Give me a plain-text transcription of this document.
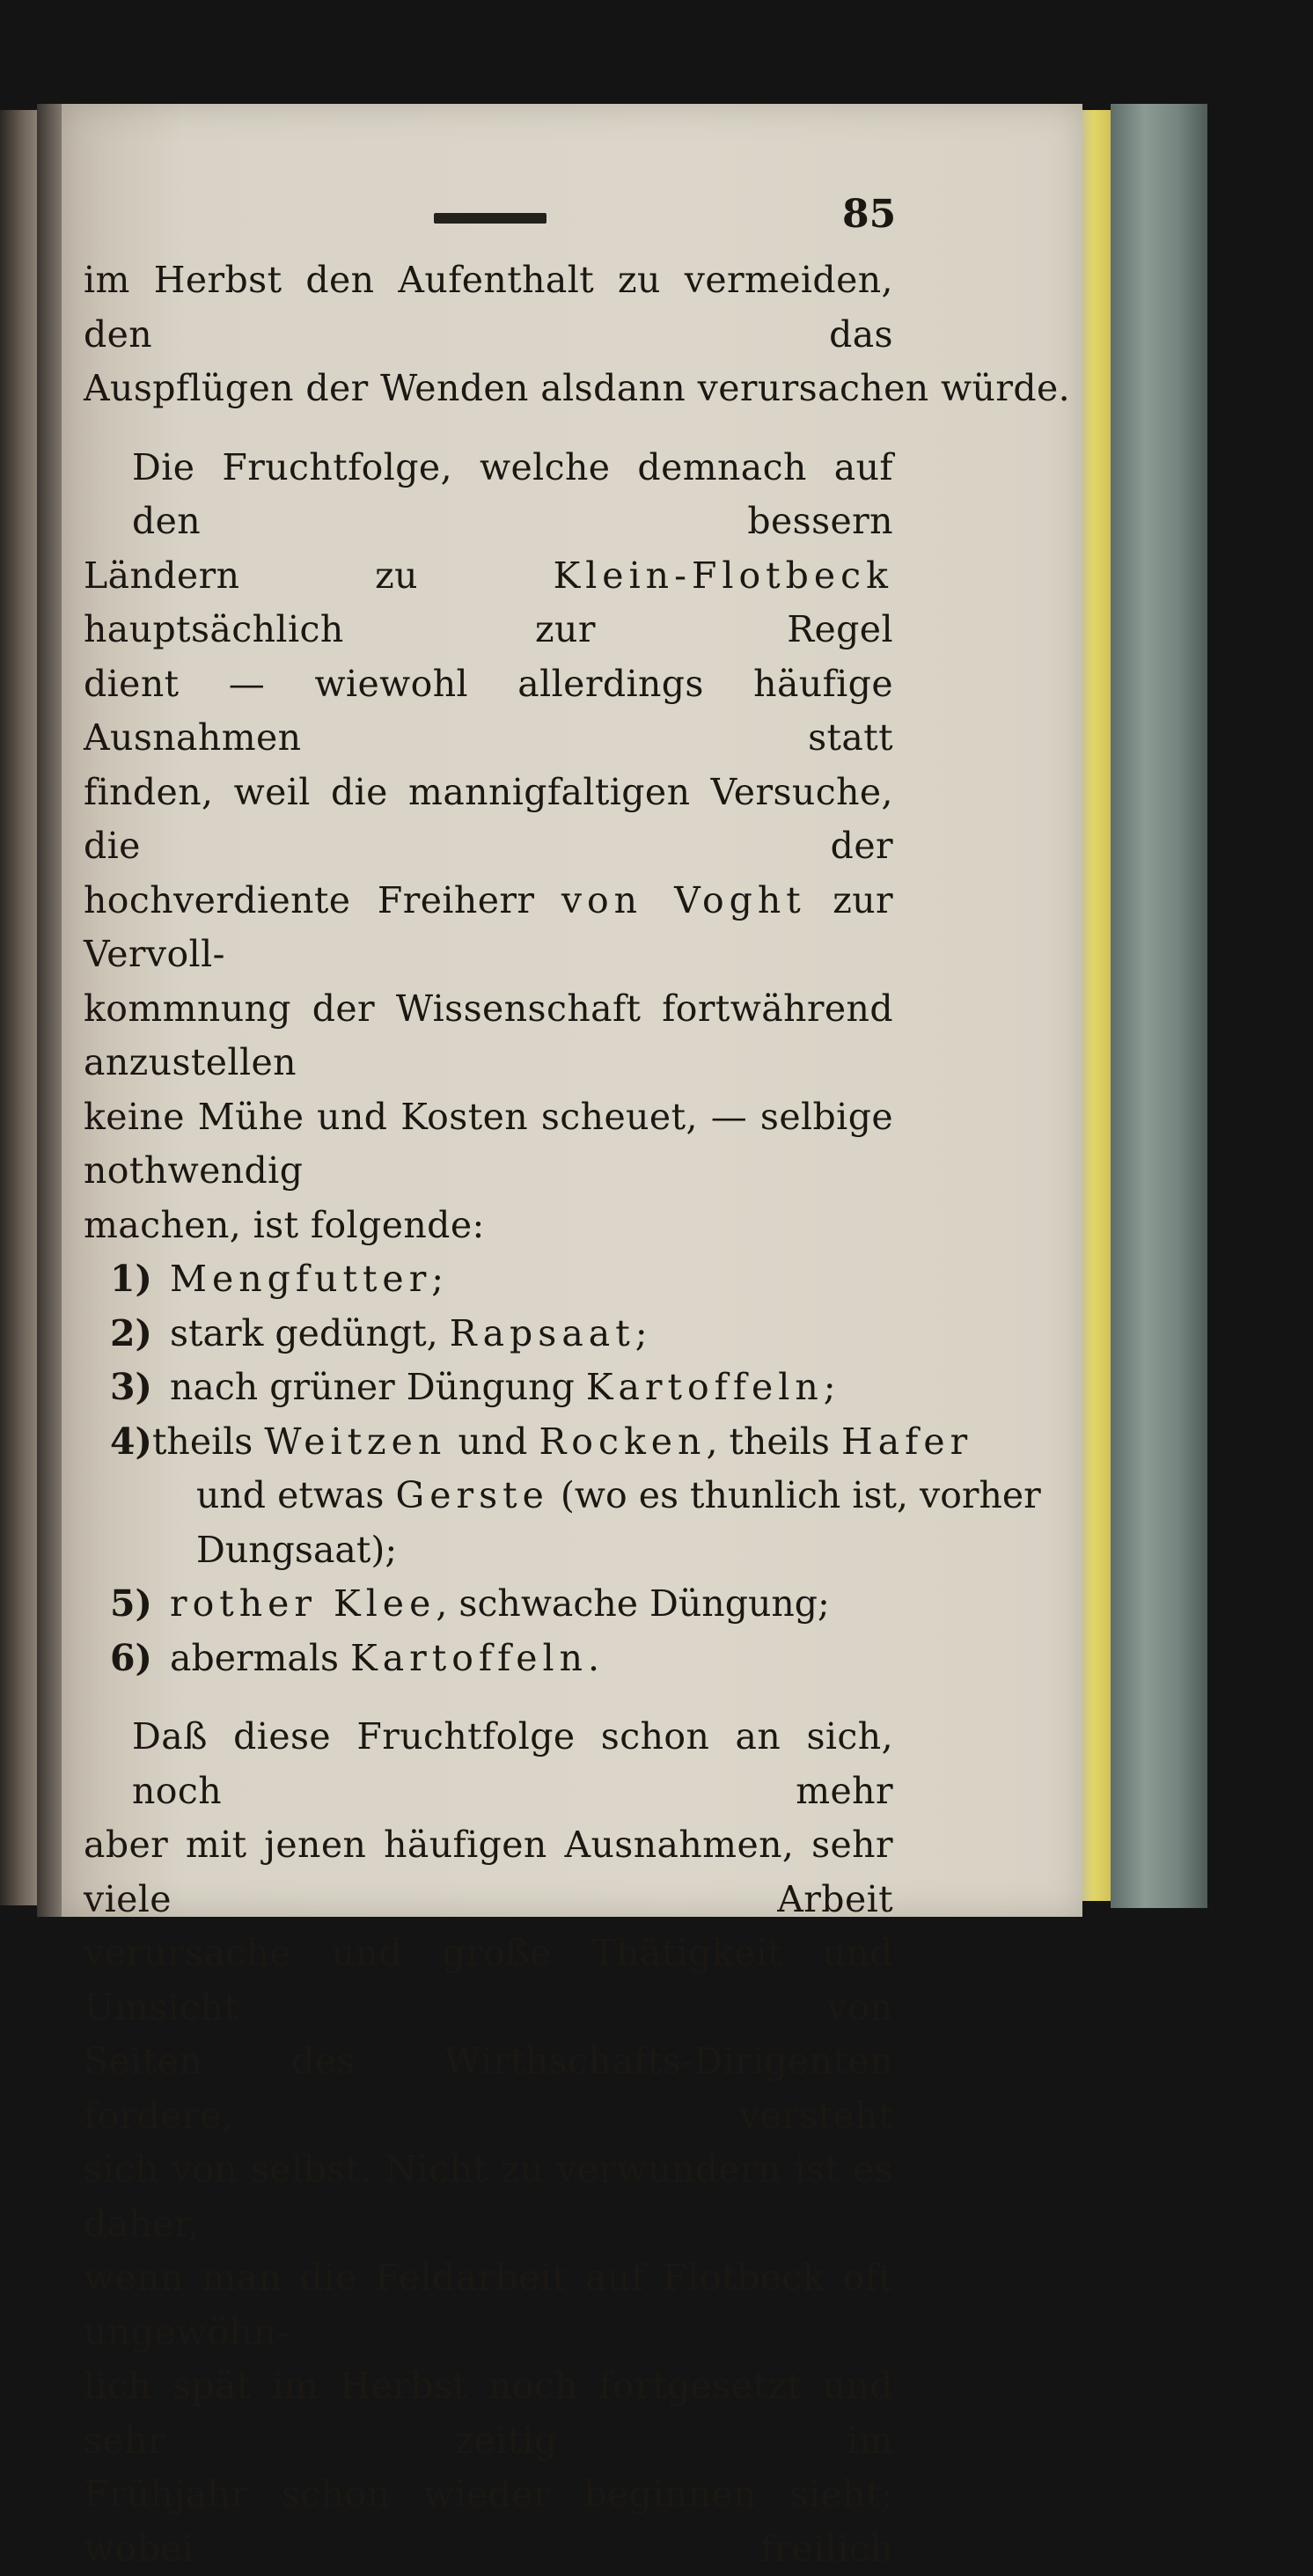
85
im Herbst den Aufenthalt zu vermeiden, den das
Auspflügen der Wenden alsdann verursachen würde.
Die Fruchtfolge, welche demnach auf den bessern
Ländern zu Klein-Flotbeck hauptsächlich zur Regel
dient — wiewohl allerdings häufige Ausnahmen statt
finden, weil die mannigfaltigen Versuche, die der
hochverdiente Freiherr von Voght zur Vervoll-
kommnung der Wissenschaft fortwährend anzustellen
keine Mühe und Kosten scheuet, — selbige nothwendig
machen, ist folgende:
1) Mengfutter;
2) stark gedüngt, Rapsaat;
3) nach grüner Düngung Kartoffeln;
4) theils Weitzen und Rocken, theils Hafer
und etwas Gerste (wo es thunlich ist, vorher
Dungsaat);
5) rother Klee, schwache Düngung;
6) abermals Kartoffeln.
Daß diese Fruchtfolge schon an sich, noch mehr
aber mit jenen häufigen Ausnahmen, sehr viele Arbeit
verursache und große Thätigkeit und Umsicht von
Seiten des Wirthschafts-Dirigenten fordere, versteht
sich von selbst. Nicht zu verwundern ist es daher,
wenn man die Feldarbeit auf Flotbeck oft ungewöhn-
lich spät im Herbst noch fortgesetzt und sehr zeitig im
Frühjahr schon wieder beginnen sieht; wobei freilich
